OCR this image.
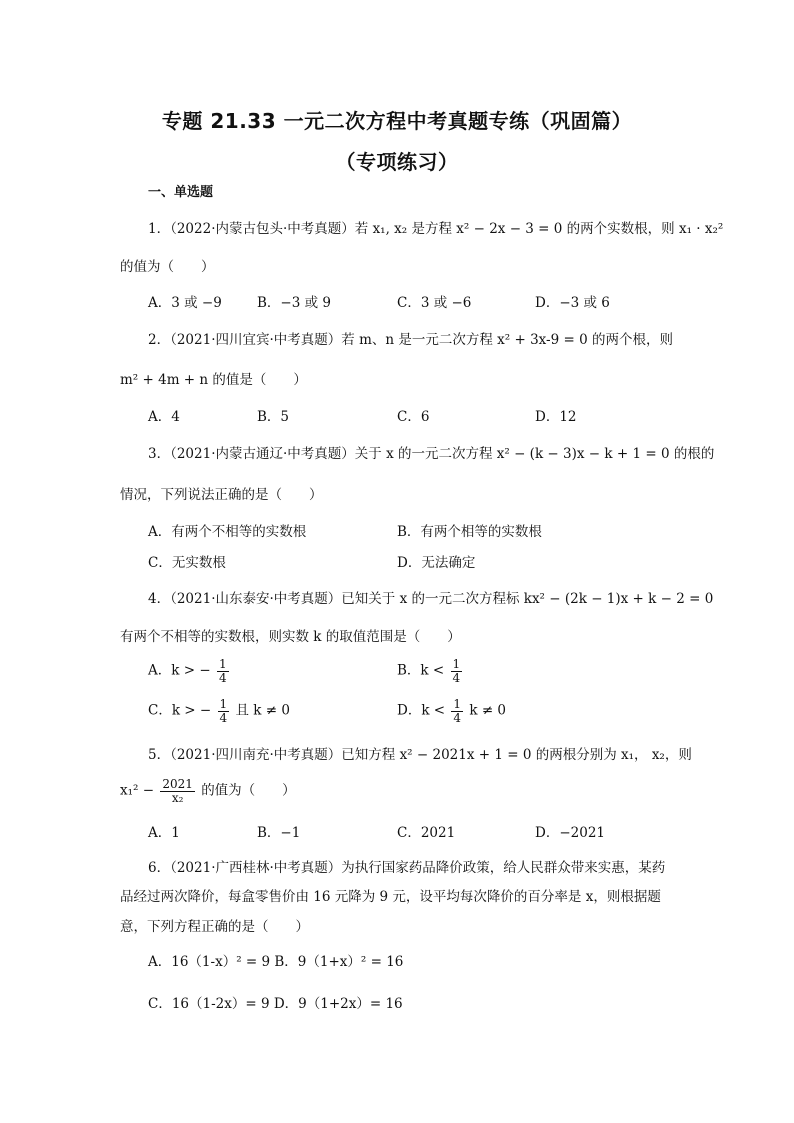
专题 21.33 一元二次方程中考真题专练（巩固篇）
（专项练习）
一、单选题
1．（2022·内蒙古包头·中考真题）若 x₁, x₂ 是方程 x² − 2x − 3 = 0 的两个实数根，则 x₁ · x₂²
的值为（　　）
A．3 或 −9	B．−3 或 9	C．3 或 −6	D．−3 或 6
2．（2021·四川宜宾·中考真题）若 m、n 是一元二次方程 x² + 3x-9 = 0 的两个根，则
m² + 4m + n 的值是（　　）
A．4	B．5	C．6	D．12
3．（2021·内蒙古通辽·中考真题）关于 x 的一元二次方程 x² − (k − 3)x − k + 1 = 0 的根的
情况，下列说法正确的是（　　）
A．有两个不相等的实数根	B．有两个相等的实数根
C．无实数根	D．无法确定
4．（2021·山东泰安·中考真题）已知关于 x 的一元二次方程标 kx² − (2k − 1)x + k − 2 = 0
有两个不相等的实数根，则实数 k 的取值范围是（　　）
A．k > − $\frac{1}{4}$	B．$k < \frac{1}{4}$
C．k > − $\frac{1}{4}$ 且 k ≠ 0	D．$k < \frac{1}{4}$ k ≠ 0
5．（2021·四川南充·中考真题）已知方程 x² − 2021x + 1 = 0 的两根分别为 x₁， x₂，则
$x_1^2 - \frac{2021}{\text{x₂}}$ 的值为（　　）
A．1	B．−1	C．2021	D．−2021
6．（2021·广西桂林·中考真题）为执行国家药品降价政策，给人民群众带来实惠，某药
品经过两次降价，每盒零售价由 16 元降为 9 元，设平均每次降价的百分率是 x，则根据题
意，下列方程正确的是（　　）
A．16（1-x）² = 9 B．9（1+x）² = 16
C．16（1-2x）= 9 D．9（1+2x）= 16
